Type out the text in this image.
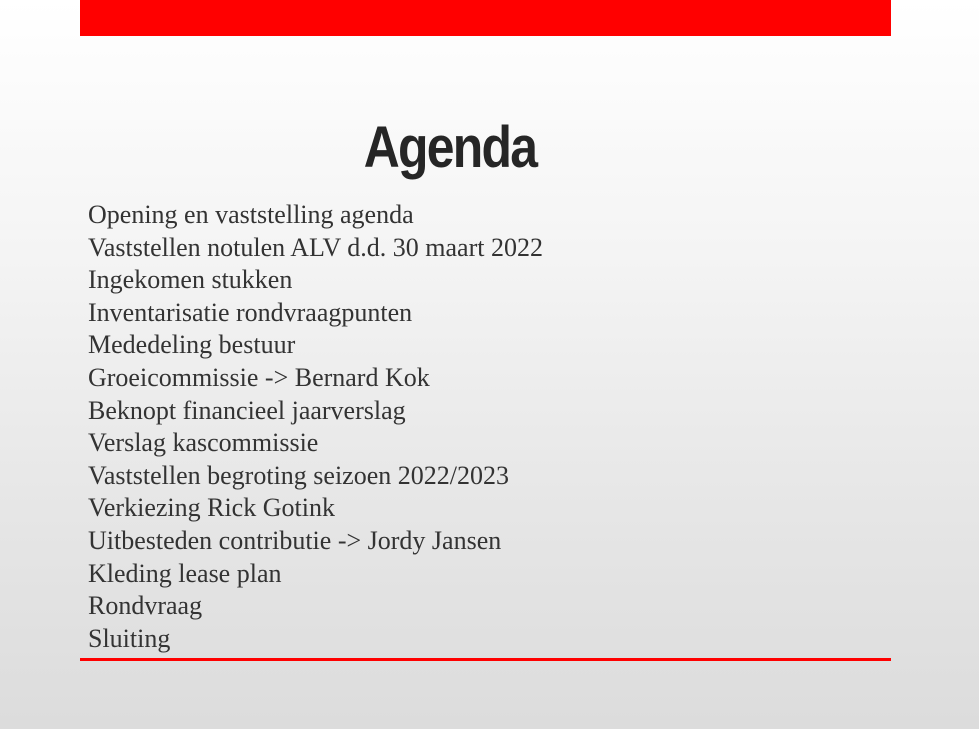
Agenda
Opening en vaststelling agenda
Vaststellen notulen ALV d.d. 30 maart 2022
Ingekomen stukken
Inventarisatie rondvraagpunten
Mededeling bestuur
Groeicommissie -> Bernard Kok
Beknopt financieel jaarverslag
Verslag kascommissie
Vaststellen begroting seizoen 2022/2023
Verkiezing Rick Gotink
Uitbesteden contributie -> Jordy Jansen
Kleding lease plan
Rondvraag
Sluiting
